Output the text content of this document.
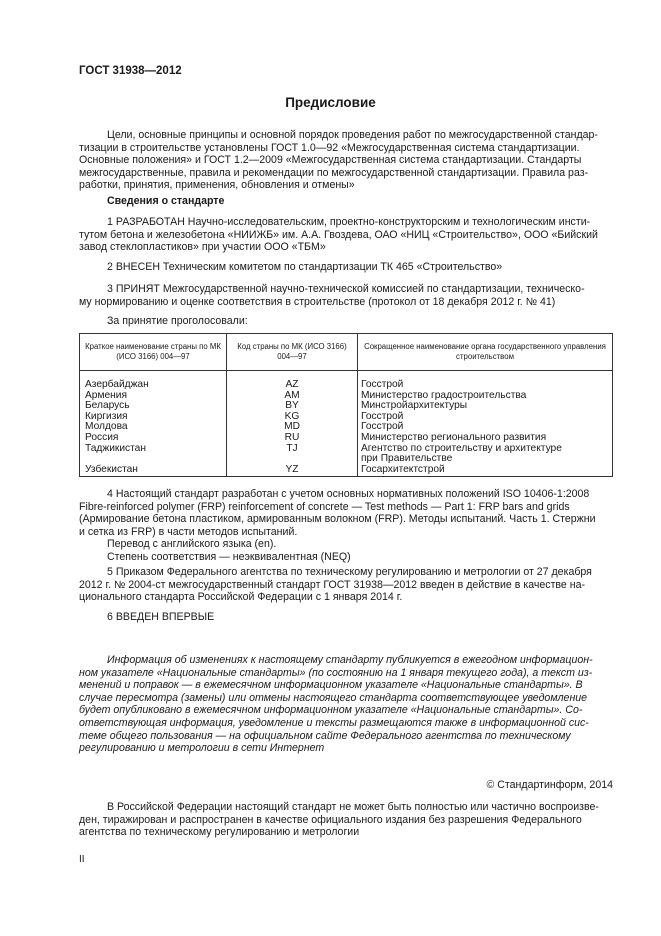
ГОСТ 31938—2012
Предисловие
Цели, основные принципы и основной порядок проведения работ по межгосударственной стандар-
тизации в строительстве установлены ГОСТ 1.0—92 «Межгосударственная система стандартизации.
Основные положения» и ГОСТ 1.2—2009 «Межгосударственная система стандартизации. Стандарты
межгосударственные, правила и рекомендации по межгосударственной стандартизации. Правила раз-
работки, принятия, применения, обновления и отмены»
Сведения о стандарте
1 РАЗРАБОТАН Научно-исследовательским, проектно-конструкторским и технологическим инсти-
тутом бетона и железобетона «НИИЖБ» им. А.А. Гвоздева, ОАО «НИЦ «Строительство», ООО «Бийский
завод стеклопластиков» при участии ООО «ТБМ»
2 ВНЕСЕН Техническим комитетом по стандартизации ТК 465 «Строительство»
3 ПРИНЯТ Межгосударственной научно-технической комиссией по стандартизации, техническо-
му нормированию и оценке соответствия в строительстве (протокол от 18 декабря 2012 г. № 41)
За принятие проголосовали:
Краткое наименование страны по МК (ИСО 3166) 004—97	Код страны по МК (ИСО 3166) 004—97	Сокращенное наименование органа государственного управления строительством
Азербайджан	AZ	Госстрой
Армения	AM	Министерство градостроительства
Беларусь	BY	Минстройархитектуры
Киргизия	KG	Госстрой
Молдова	MD	Госстрой
Россия	RU	Министерство регионального развития
Таджикистан	TJ	Агентство по строительству и архитектуре
		при Правительстве
Узбекистан	YZ	Госархитектстрой
4 Настоящий стандарт разработан с учетом основных нормативных положений ISO 10406-1:2008
Fibre-reinforced polymer (FRP) reinforcement of concrete — Test methods — Part 1: FRP bars and grids
(Армирование бетона пластиком, армированным волокном (FRP). Методы испытаний. Часть 1. Стержни
и сетка из FRP) в части методов испытаний.
Перевод с английского языка (en).
Степень соответствия — неэквивалентная (NEQ)
5 Приказом Федерального агентства по техническому регулированию и метрологии от 27 декабря
2012 г. № 2004-ст межгосударственный стандарт ГОСТ 31938—2012 введен в действие в качестве на-
ционального стандарта Российской Федерации с 1 января 2014 г.
6 ВВЕДЕН ВПЕРВЫЕ
Информация об изменениях к настоящему стандарту публикуется в ежегодном информацион-
ном указателе «Национальные стандарты» (по состоянию на 1 января текущего года), а текст из-
менений и поправок — в ежемесячном информационном указателе «Национальные стандарты». В
случае пересмотра (замены) или отмены настоящего стандарта соответствующее уведомление
будет опубликовано в ежемесячном информационном указателе «Национальные стандарты». Со-
ответствующая информация, уведомление и тексты размещаются также в информационной сис-
теме общего пользования — на официальном сайте Федерального агентства по техническому
регулированию и метрологии в сети Интернет
© Стандартинформ, 2014
В Российской Федерации настоящий стандарт не может быть полностью или частично воспроизве-
ден, тиражирован и распространен в качестве официального издания без разрешения Федерального
агентства по техническому регулированию и метрологии
II
